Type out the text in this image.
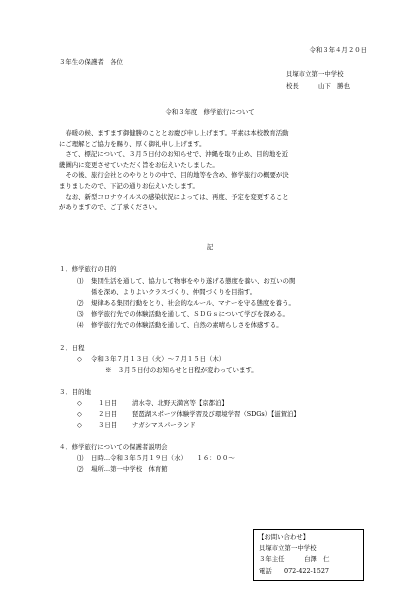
令和３年４月２０日
３年生の保護者　各位
貝塚市立第一中学校
校長	山下　勝也
令和３年度　修学旅行について

　春暖の候、ますます御健勝のこととお慶び申し上げます。平素は本校教育活動

にご理解とご協力を賜り、厚く御礼申し上げます。

　さて、標記について、３月５日付のお知らせで、沖縄を取り止め、目的地を近

畿圏内に変更させていただく旨をお伝えいたしました。

　その後、旅行会社とのやりとりの中で、目的地等を含め、修学旅行の概要が決

まりましたので、下記の通りお伝えいたします。

　なお、新型コロナウイルスの感染状況によっては、再度、予定を変更すること

がありますので、ご了承ください。

記
１．修学旅行の目的
⑴ 集団生活を通して、協力して物事をやり遂げる態度を養い、お互いの関
係を深め、よりよいクラスづくり、仲間づくりを目指す。
⑵ 規律ある集団行動をとり、社会的なルール、マナーを守る態度を養う。
⑶ 修学旅行先での体験活動を通して、ＳＤＧｓについて学びを深める。
⑷ 修学旅行先での体験活動を通して、自然の素晴らしさを体感する。
２．日程
◇ 令和３年７月１３日（火）～７月１５日（木）
※　３月５日付のお知らせと日程が変わっています。
３．目的地
◇	１日目 清水寺、北野天満宮等【京都泊】
◇	２日目 琵琶湖スポーツ体験学習及び環境学習（SDGs）【滋賀泊】
◇	３日目 ナガシマスパーランド
４．修学旅行についての保護者説明会
⑴ 日時…令和３年５月１９日（水）　　１６：００～
⑵ 場所…第一中学校　体育館
【お問い合わせ】
貝塚市立第一中学校
３年主任	白澤　仁
電話 072-422-1527
